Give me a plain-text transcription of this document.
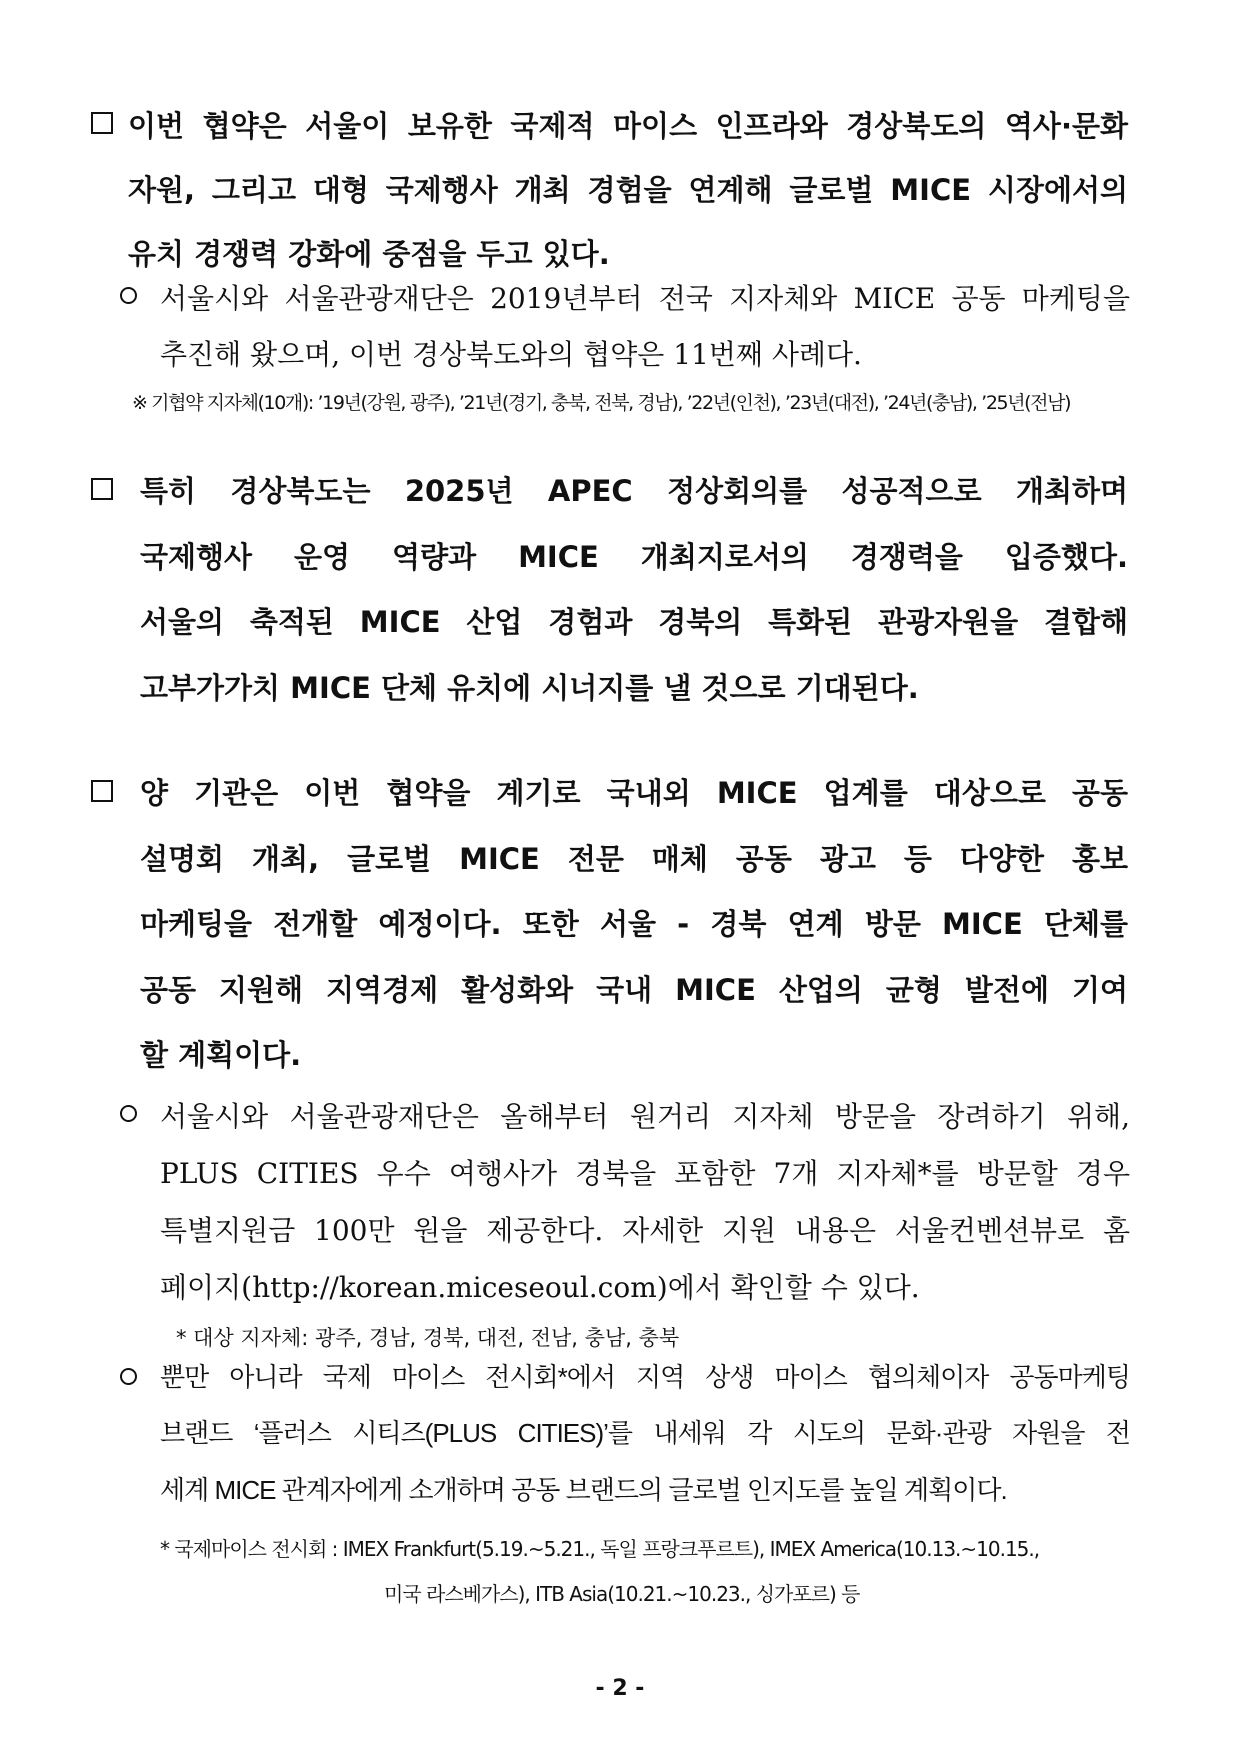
이번 협약은 서울이 보유한 국제적 마이스 인프라와 경상북도의 역사·문화
자원, 그리고 대형 국제행사 개최 경험을 연계해 글로벌 MICE 시장에서의
유치 경쟁력 강화에 중점을 두고 있다.
서울시와 서울관광재단은 2019년부터 전국 지자체와 MICE 공동 마케팅을
추진해 왔으며, 이번 경상북도와의 협약은 11번째 사례다.
※ 기협약 지자체(10개): ’19년(강원, 광주), ’21년(경기, 충북, 전북, 경남), ’22년(인천), ’23년(대전), ’24년(충남), ’25년(전남)
특히 경상북도는 2025년 APEC 정상회의를 성공적으로 개최하며
국제행사 운영 역량과 MICE 개최지로서의 경쟁력을 입증했다.
서울의 축적된 MICE 산업 경험과 경북의 특화된 관광자원을 결합해
고부가가치 MICE 단체 유치에 시너지를 낼 것으로 기대된다.
양 기관은 이번 협약을 계기로 국내외 MICE 업계를 대상으로 공동
설명회 개최, 글로벌 MICE 전문 매체 공동 광고 등 다양한 홍보
마케팅을 전개할 예정이다. 또한 서울 - 경북 연계 방문 MICE 단체를
공동 지원해 지역경제 활성화와 국내 MICE 산업의 균형 발전에 기여
할 계획이다.
서울시와 서울관광재단은 올해부터 원거리 지자체 방문을 장려하기 위해,
PLUS CITIES 우수 여행사가 경북을 포함한 7개 지자체*를 방문할 경우
특별지원금 100만 원을 제공한다. 자세한 지원 내용은 서울컨벤션뷰로 홈
페이지(http://korean.miceseoul.com)에서 확인할 수 있다.
* 대상 지자체: 광주, 경남, 경북, 대전, 전남, 충남, 충북
뿐만 아니라 국제 마이스 전시회*에서 지역 상생 마이스 협의체이자 공동마케팅
브랜드 ‘플러스 시티즈(PLUS CITIES)’를 내세워 각 시도의 문화·관광 자원을 전
세계 MICE 관계자에게 소개하며 공동 브랜드의 글로벌 인지도를 높일 계획이다.
* 국제마이스 전시회 : IMEX Frankfurt(5.19.~5.21., 독일 프랑크푸르트), IMEX America(10.13.~10.15.,
미국 라스베가스), ITB Asia(10.21.~10.23., 싱가포르) 등
- 2 -
